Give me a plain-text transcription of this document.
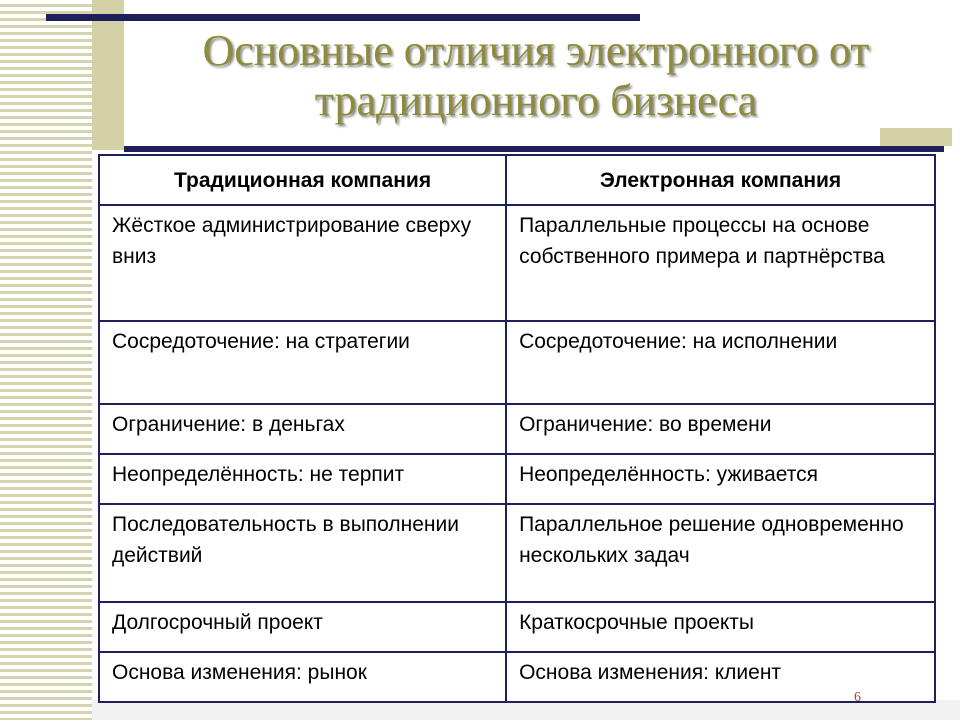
Основные отличия электронного от традиционного бизнеса
Традиционная компания	Электронная компания
Жёсткое администрирование сверху вниз	Параллельные процессы на основе собственного примера и партнёрства
Сосредоточение: на стратегии	Сосредоточение: на исполнении
Ограничение: в деньгах	Ограничение: во времени
Неопределённость: не терпит	Неопределённость: уживается
Последовательность в выполнении действий	Параллельное решение одновременно нескольких задач
Долгосрочный проект	Краткосрочные проекты
Основа изменения: рынок	Основа изменения: клиент
6
